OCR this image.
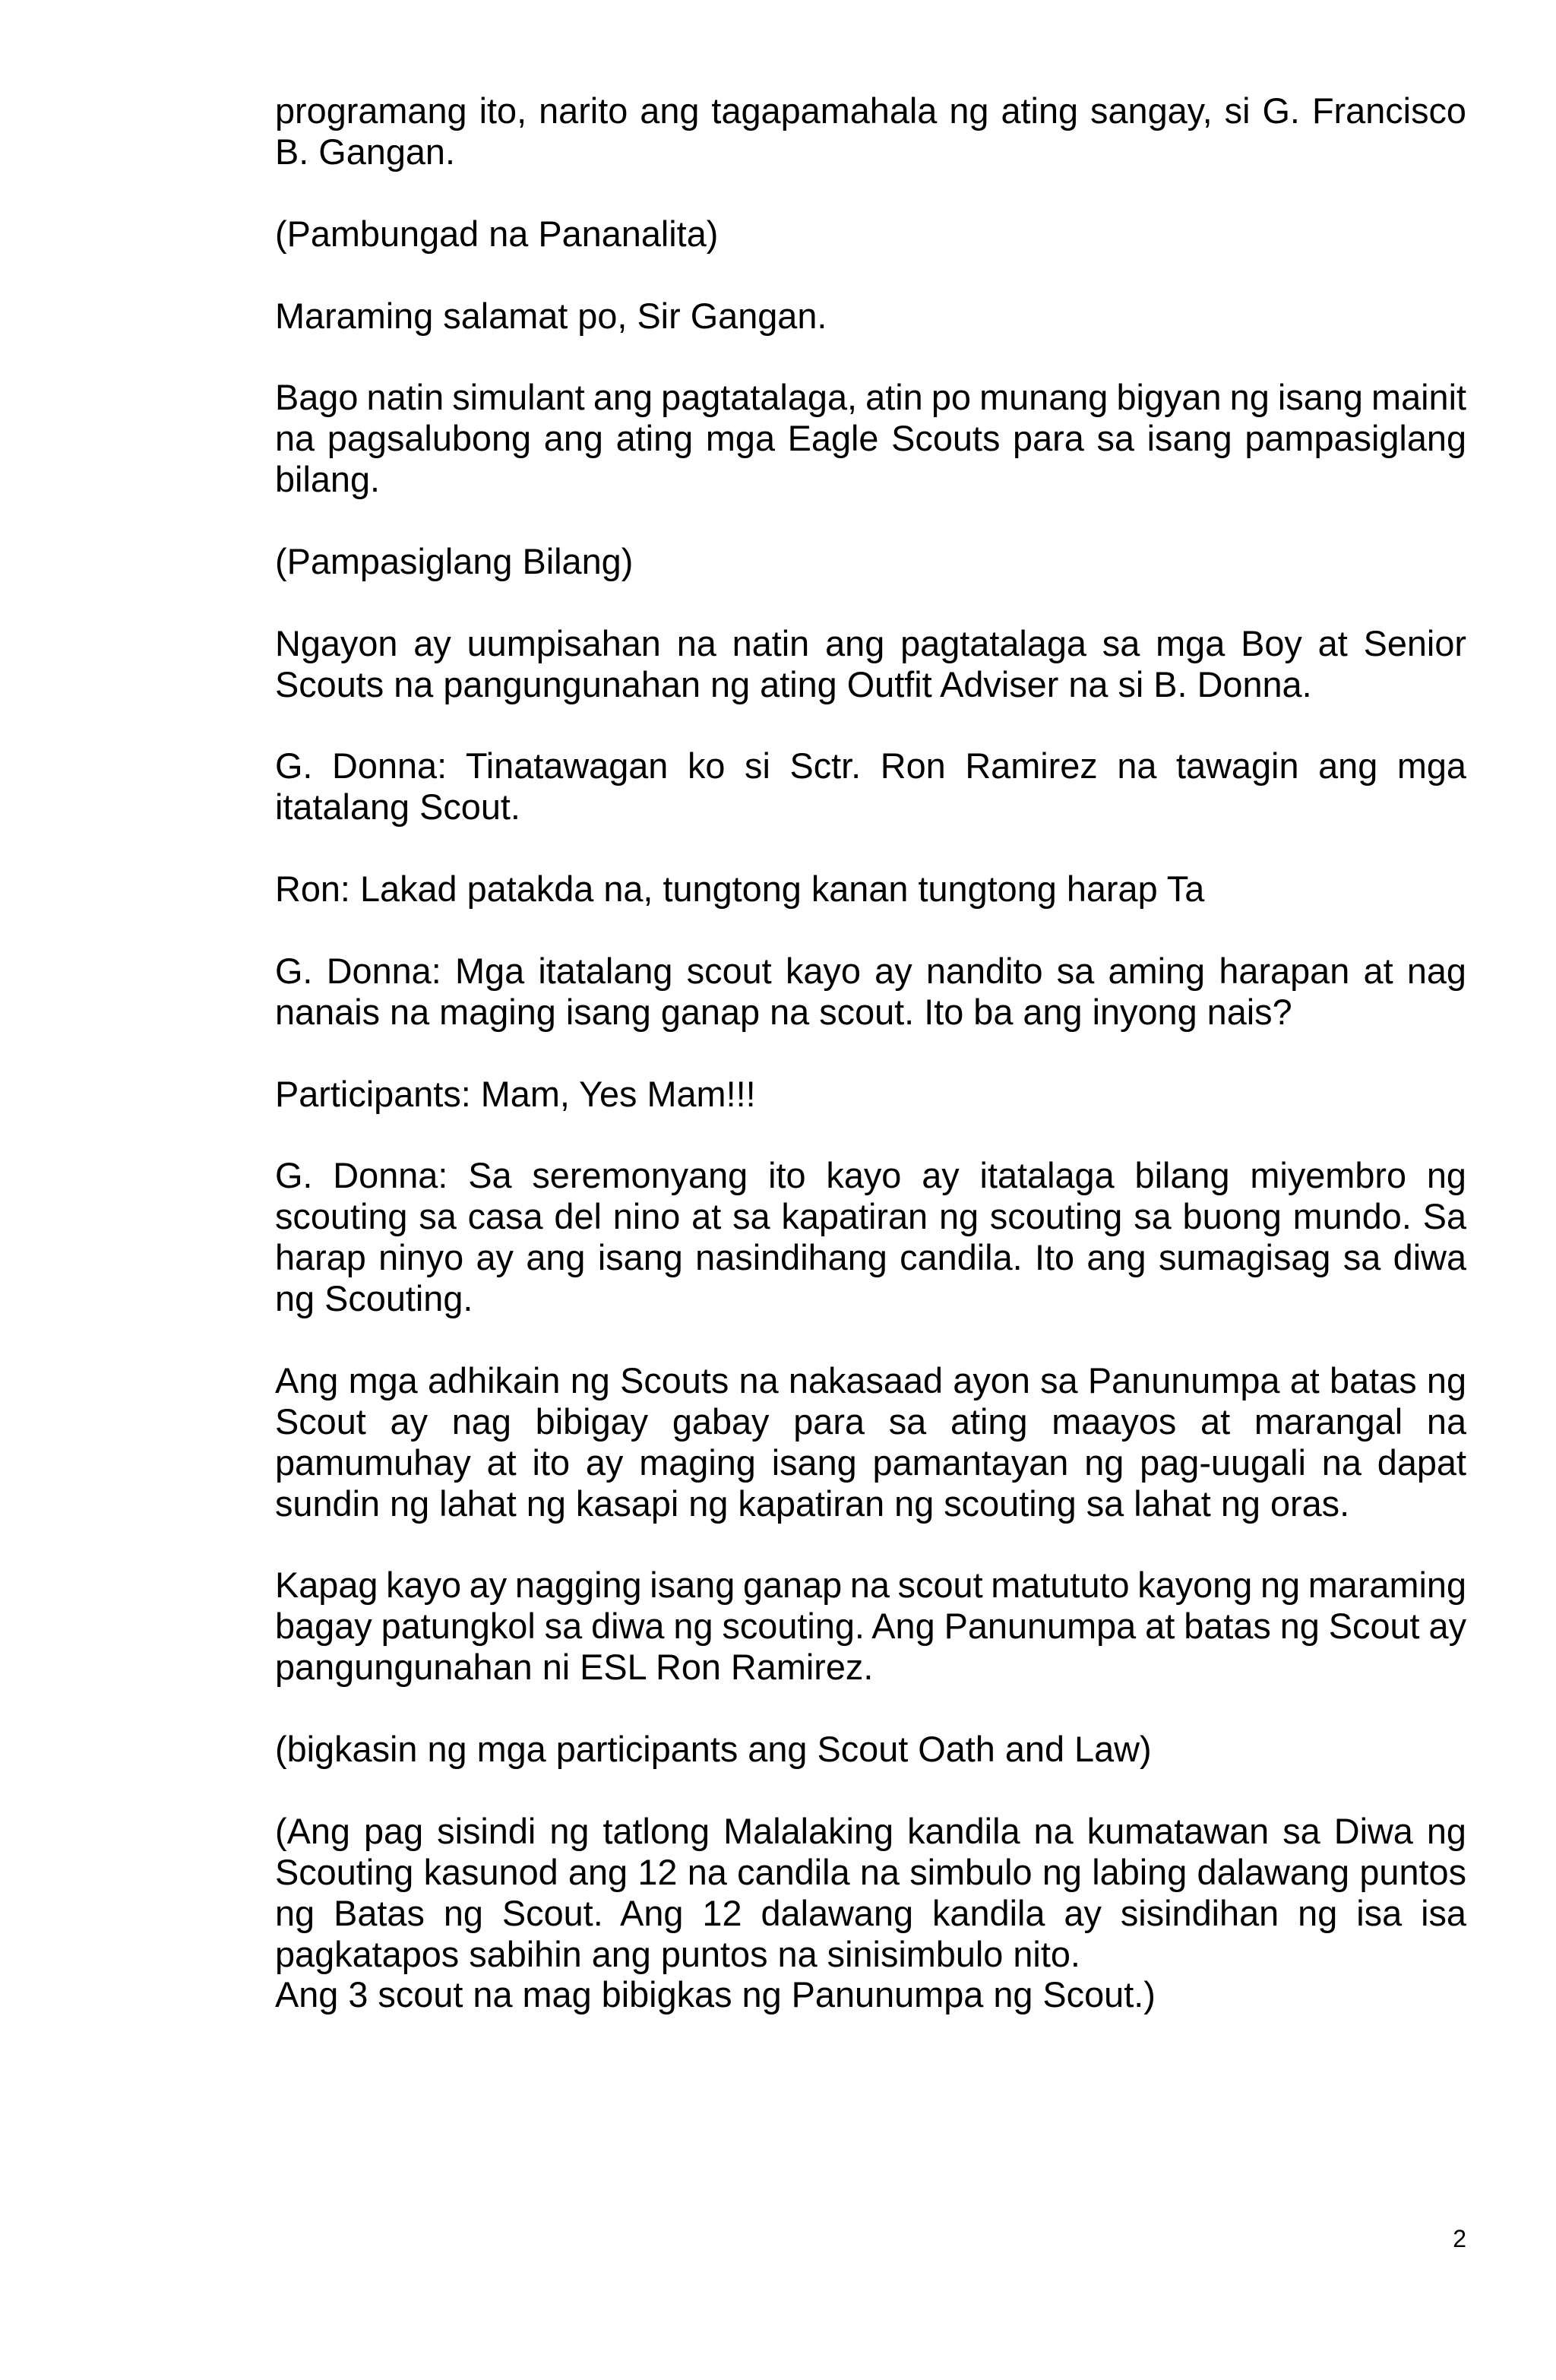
programang ito, narito ang tagapamahala ng ating sangay, si G. Francisco
B. Gangan.
(Pambungad na Pananalita)
Maraming salamat po, Sir Gangan.
Bago natin simulant ang pagtatalaga, atin po munang bigyan ng isang mainit
na pagsalubong ang ating mga Eagle Scouts para sa isang pampasiglang
bilang.
(Pampasiglang Bilang)
Ngayon ay uumpisahan na natin ang pagtatalaga sa mga Boy at Senior
Scouts na pangungunahan ng ating Outfit Adviser na si B. Donna.
G. Donna: Tinatawagan ko si Sctr. Ron Ramirez na tawagin ang mga
itatalang Scout.
Ron: Lakad patakda na, tungtong kanan tungtong harap Ta
G. Donna: Mga itatalang scout kayo ay nandito sa aming harapan at nag
nanais na maging isang ganap na scout. Ito ba ang inyong nais?
Participants: Mam, Yes Mam!!!
G. Donna: Sa seremonyang ito kayo ay itatalaga bilang miyembro ng
scouting sa casa del nino at sa kapatiran ng scouting sa buong mundo. Sa
harap ninyo ay ang isang nasindihang candila. Ito ang sumagisag sa diwa
ng Scouting.
Ang mga adhikain ng Scouts na nakasaad ayon sa Panunumpa at batas ng
Scout ay nag bibigay gabay para sa ating maayos at marangal na
pamumuhay at ito ay maging isang pamantayan ng pag-uugali na dapat
sundin ng lahat ng kasapi ng kapatiran ng scouting sa lahat ng oras.
Kapag kayo ay nagging isang ganap na scout matututo kayong ng maraming
bagay patungkol sa diwa ng scouting. Ang Panunumpa at batas ng Scout ay
pangungunahan ni ESL Ron Ramirez.
(bigkasin ng mga participants ang Scout Oath and Law)
(Ang pag sisindi ng tatlong Malalaking kandila na kumatawan sa Diwa ng
Scouting kasunod ang 12 na candila na simbulo ng labing dalawang puntos
ng Batas ng Scout. Ang 12 dalawang kandila ay sisindihan ng isa isa
pagkatapos sabihin ang puntos na sinisimbulo nito.
Ang 3 scout na mag bibigkas ng Panunumpa ng Scout.)
2
